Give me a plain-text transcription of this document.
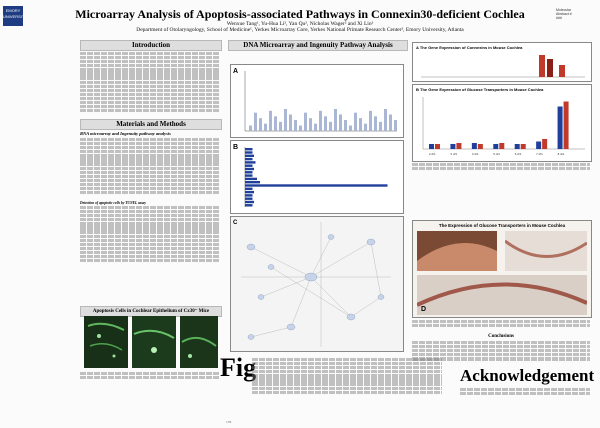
EMORY UNIVERSITY	Microarray Analysis of Apoptosis-associated Pathways in Connexin30-deficient Cochlea
Wenxue Tang¹, Yu-Hua Li², Yan Qu², Nicholas Wager² and Xi Lin²
Department of Otolaryngology, School of Medicine¹, Yerkes Microarray Core, Yerkes National Primate Research Center², Emory University, Atlanta
Molecular
Abstract #
###
Introduction
Materials and Methods
RNA microarray and Ingenuity pathway analysis
Detection of apoptotic cells by TUNEL assay
Apoptosis Cells in Cochlear Epithelium of Cx30⁻ Mice
DNA Microarray and Ingenuity Pathway Analysis
A
B
C
Fig
176
A The Gene Expression of Connexins in Mouse Cochlea
B The Gene Expression of Glucose Transporters in Mouse Cochlea
2 d/1	3 d/1	4 d/1	5 d/1	6 d/1	7 d/1	8 d/1
The Expression of Glucose Transporters in Mouse Cochlea
D
Conclusions
Acknowledgement
